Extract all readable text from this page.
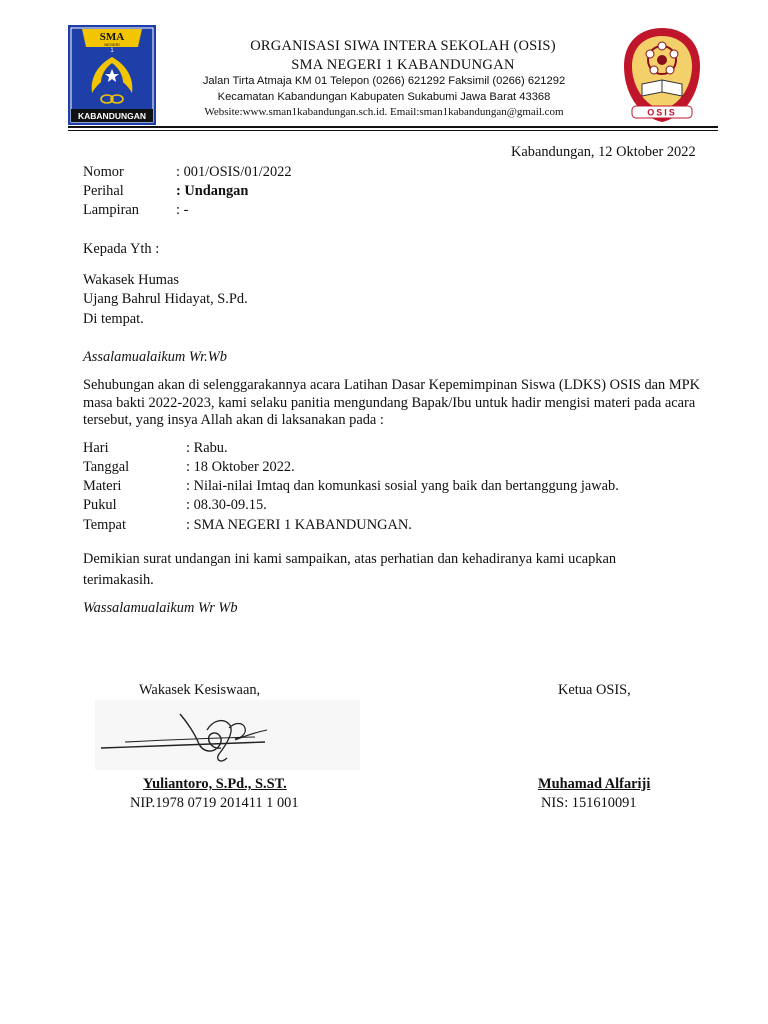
SMA
NEGERI
1
KABANDUNGAN	OSIS
ORGANISASI SIWA INTERA SEKOLAH (OSIS)
SMA NEGERI 1 KABANDUNGAN
Jalan Tirta Atmaja KM 01 Telepon (0266) 621292 Faksimil (0266) 621292
Kecamatan Kabandungan Kabupaten Sukabumi Jawa Barat 43368
Website:www.sman1kabandungan.sch.id. Email:sman1kabandungan@gmail.com
Kabandungan, 12 Oktober 2022
Nomor	: 001/OSIS/01/2022
Perihal	: Undangan
Lampiran	: -
Kepada Yth :
Wakasek Humas
Ujang Bahrul Hidayat, S.Pd.
Di tempat.
Assalamualaikum Wr.Wb
Sehubungan akan di selenggarakannya acara Latihan Dasar Kepemimpinan Siswa (LDKS) OSIS dan MPK masa bakti 2022-2023, kami selaku panitia mengundang Bapak/Ibu untuk hadir mengisi materi pada acara tersebut, yang insya Allah akan di laksanakan pada :
Hari	: Rabu.
Tanggal	: 18 Oktober 2022.
Materi	: Nilai-nilai Imtaq dan komunkasi sosial yang baik dan bertanggung jawab.
Pukul	: 08.30-09.15.
Tempat	: SMA NEGERI 1 KABANDUNGAN.
Demikian surat undangan ini kami sampaikan, atas perhatian dan kehadiranya kami ucapkan terimakasih.
Wassalamualaikum Wr Wb
Wakasek Kesiswaan,	Ketua OSIS,
Yuliantoro, S.Pd., S.ST.
NIP.1978 0719 201411 1 001
Muhamad Alfariji
NIS: 151610091
